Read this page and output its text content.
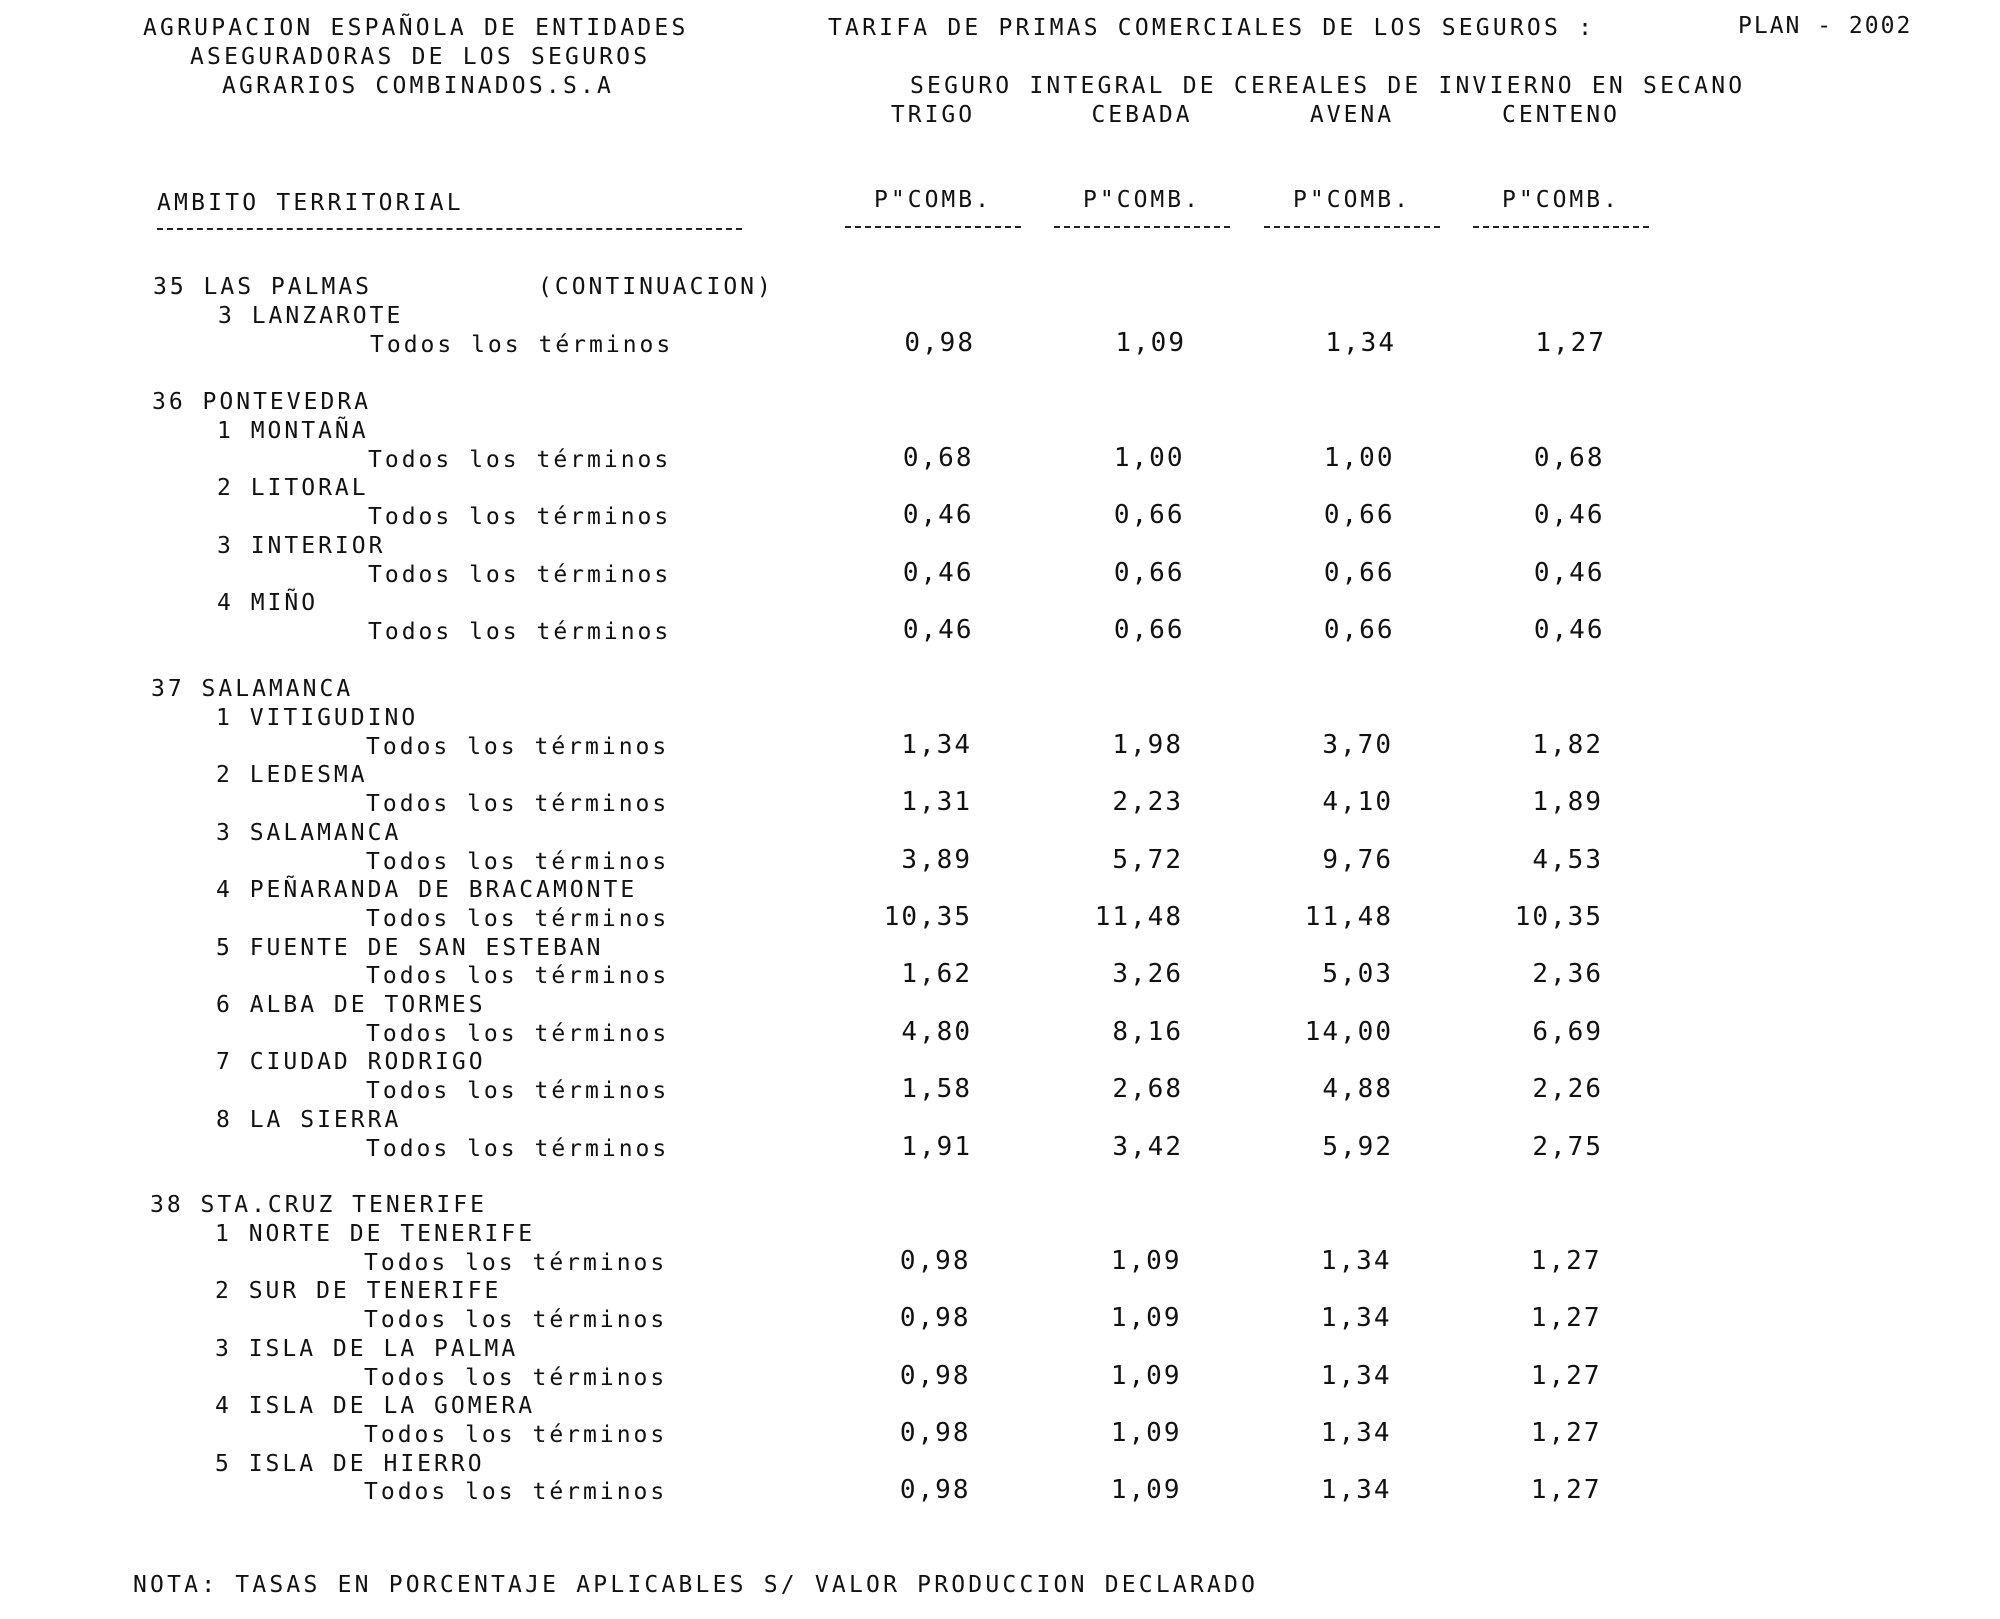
AGRUPACION ESPAÑOLA DE ENTIDADES
ASEGURADORAS DE LOS SEGUROS
AGRARIOS COMBINADOS.S.A
TARIFA DE PRIMAS COMERCIALES DE LOS SEGUROS :	PLAN - 2002
SEGURO INTEGRAL DE CEREALES DE INVIERNO EN SECANO
TRIGO	CEBADA	AVENA	CENTENO
AMBITO TERRITORIAL	P"COMB.	P"COMB.	P"COMB.	P"COMB.
35 LAS PALMAS	(CONTINUACION)
3 LANZAROTE
Todos los términos	0,98	1,09	1,34	1,27
36 PONTEVEDRA
1 MONTAÑA
Todos los términos	0,68	1,00	1,00	0,68
2 LITORAL
Todos los términos	0,46	0,66	0,66	0,46
3 INTERIOR
Todos los términos	0,46	0,66	0,66	0,46
4 MIÑO
Todos los términos	0,46	0,66	0,66	0,46
37 SALAMANCA
1 VITIGUDINO
Todos los términos	1,34	1,98	3,70	1,82
2 LEDESMA
Todos los términos	1,31	2,23	4,10	1,89
3 SALAMANCA
Todos los términos	3,89	5,72	9,76	4,53
4 PEÑARANDA DE BRACAMONTE
Todos los términos	10,35	11,48	11,48	10,35
5 FUENTE DE SAN ESTEBAN
Todos los términos	1,62	3,26	5,03	2,36
6 ALBA DE TORMES
Todos los términos	4,80	8,16	14,00	6,69
7 CIUDAD RODRIGO
Todos los términos	1,58	2,68	4,88	2,26
8 LA SIERRA
Todos los términos	1,91	3,42	5,92	2,75
38 STA.CRUZ TENERIFE
1 NORTE DE TENERIFE
Todos los términos	0,98	1,09	1,34	1,27
2 SUR DE TENERIFE
Todos los términos	0,98	1,09	1,34	1,27
3 ISLA DE LA PALMA
Todos los términos	0,98	1,09	1,34	1,27
4 ISLA DE LA GOMERA
Todos los términos	0,98	1,09	1,34	1,27
5 ISLA DE HIERRO
Todos los términos	0,98	1,09	1,34	1,27
NOTA: TASAS EN PORCENTAJE APLICABLES S/ VALOR PRODUCCION DECLARADO
